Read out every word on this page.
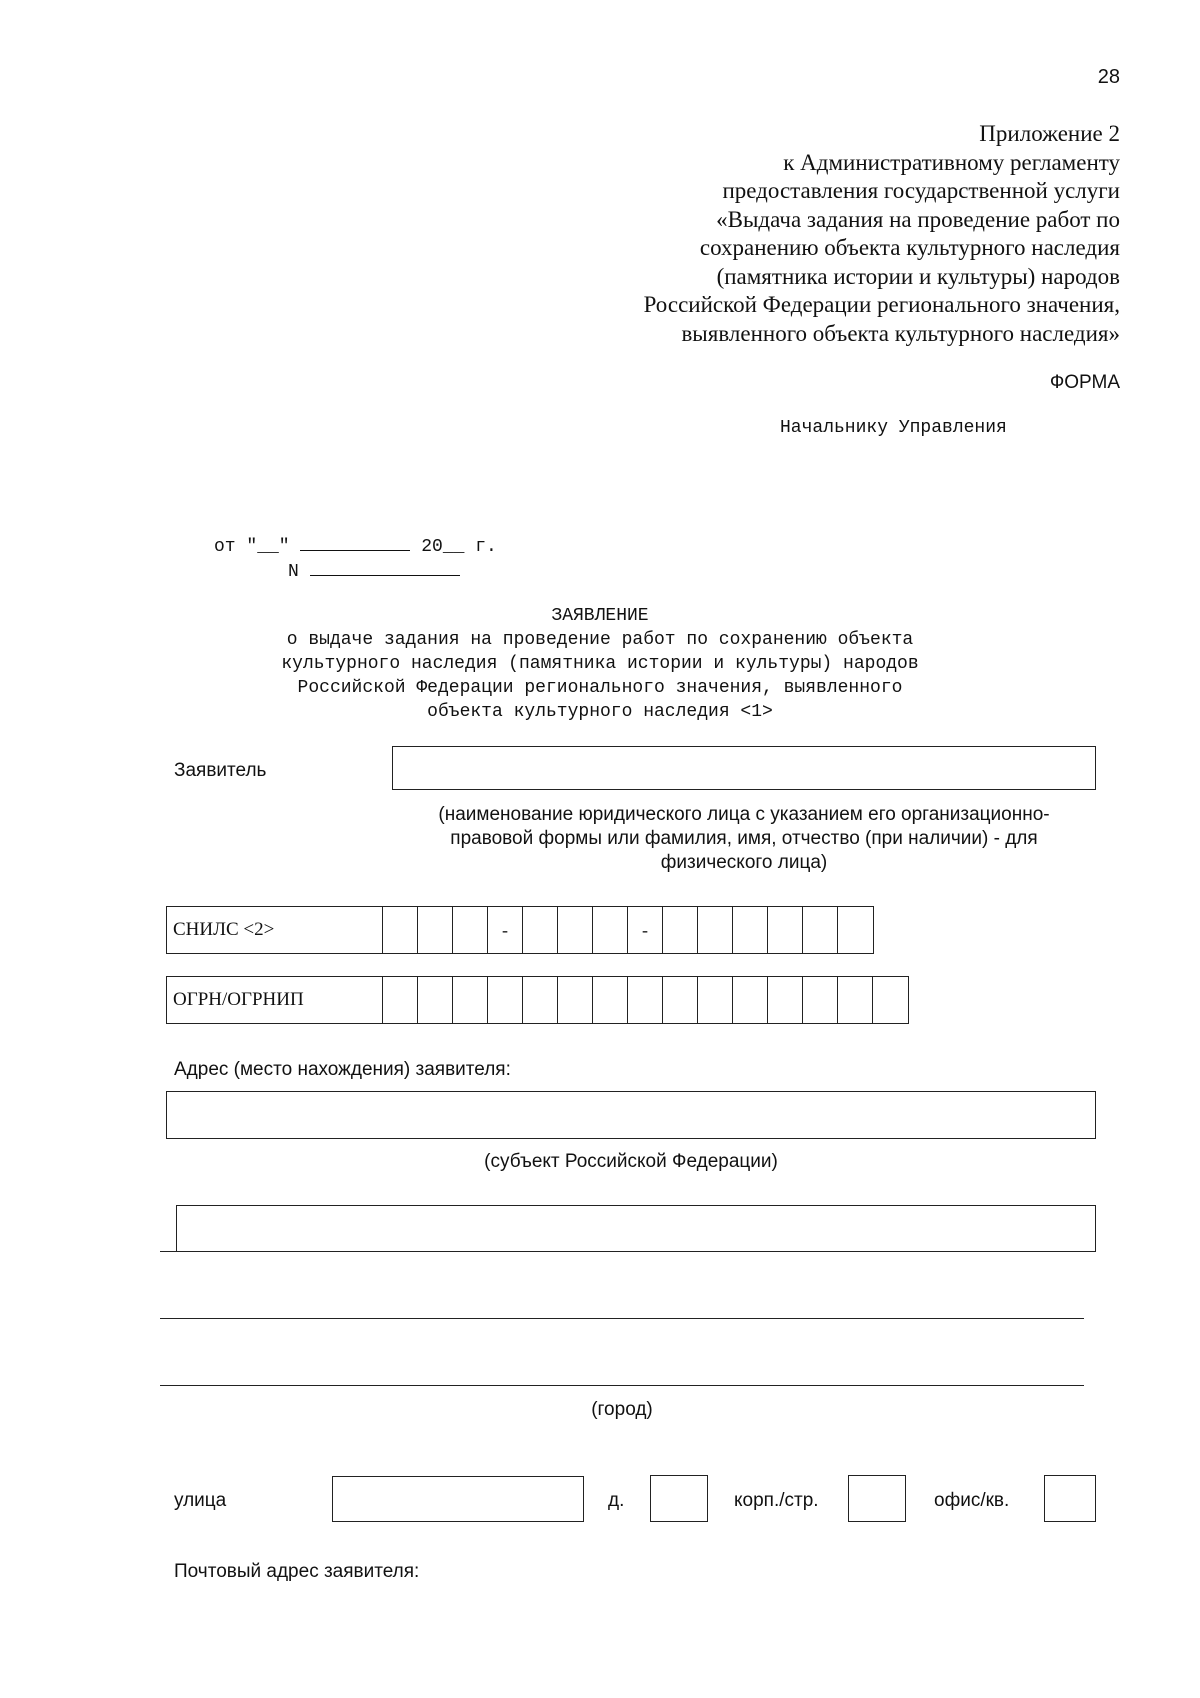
28
Приложение 2
к Административному регламенту
предоставления государственной услуги
«Выдача задания на проведение работ по
сохранению объекта культурного наследия
(памятника истории и культуры) народов
Российской Федерации регионального значения,
выявленного объекта культурного наследия»
ФОРМА
Начальнику Управления
от "__"	20__ г.
N
ЗАЯВЛЕНИЕ
о выдаче задания на проведение работ по сохранению объекта
культурного наследия (памятника истории и культуры) народов
Российской Федерации регионального значения, выявленного
объекта культурного наследия <1>
Заявитель
(наименование юридического лица с указанием его организационно-
правовой формы или фамилия, имя, отчество (при наличии) - для
физического лица)
СНИЛС <2>	-	-
ОГРН/ОГРНИП
Адрес (место нахождения) заявителя:
(субъект Российской Федерации)
(город)
улица	д.	корп./стр.	офис/кв.
Почтовый адрес заявителя:
